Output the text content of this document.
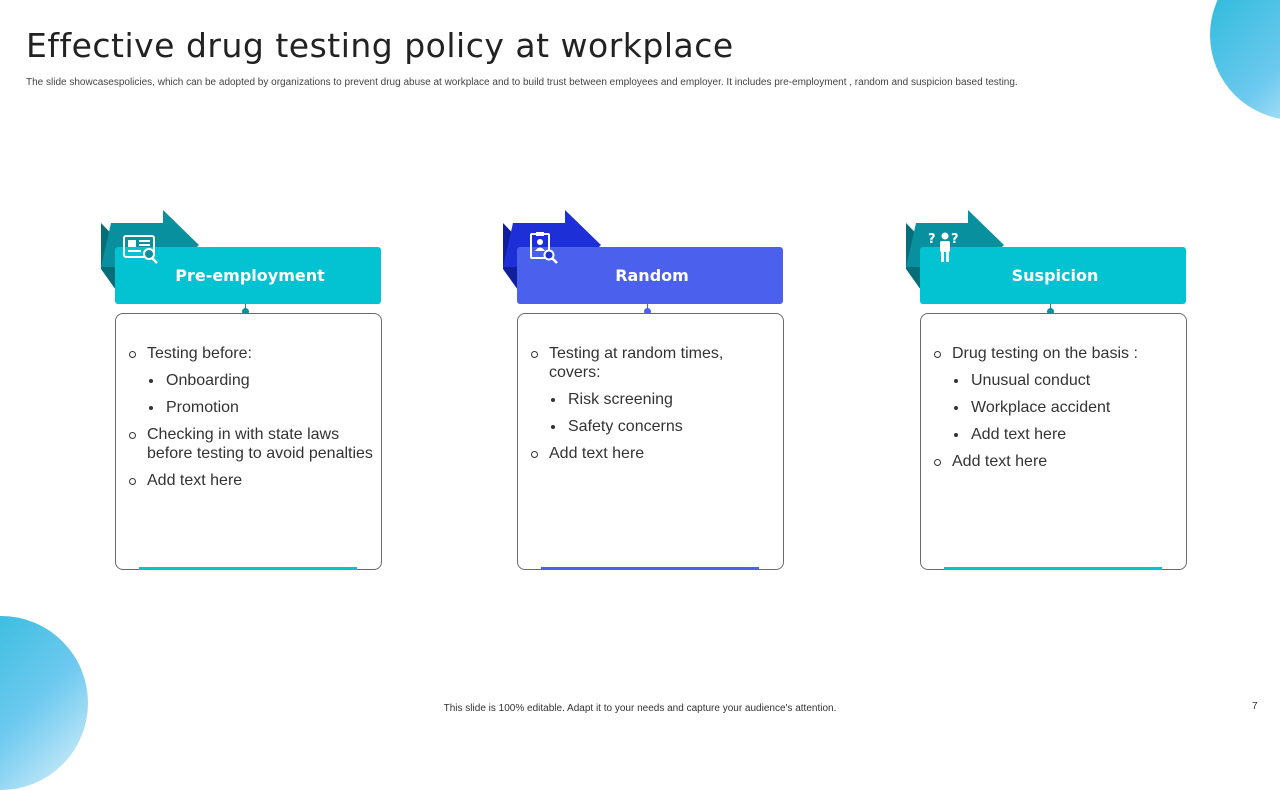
Effective drug testing policy at workplace
The slide showcasespolicies, which can be adopted by organizations to prevent drug abuse at workplace and to build trust between employees and employer. It includes pre-employment , random and suspicion based testing.
Pre-employment
Testing before:
Onboarding
Promotion
Checking in with state laws before testing to avoid penalties
Add text here
Random
Testing at random times, covers:
Risk screening
Safety concerns
Add text here
Suspicion
? ?
Drug testing on the basis :
Unusual conduct
Workplace accident
Add text here
Add text here
This slide is 100% editable. Adapt it to your needs and capture your audience's attention.	7
